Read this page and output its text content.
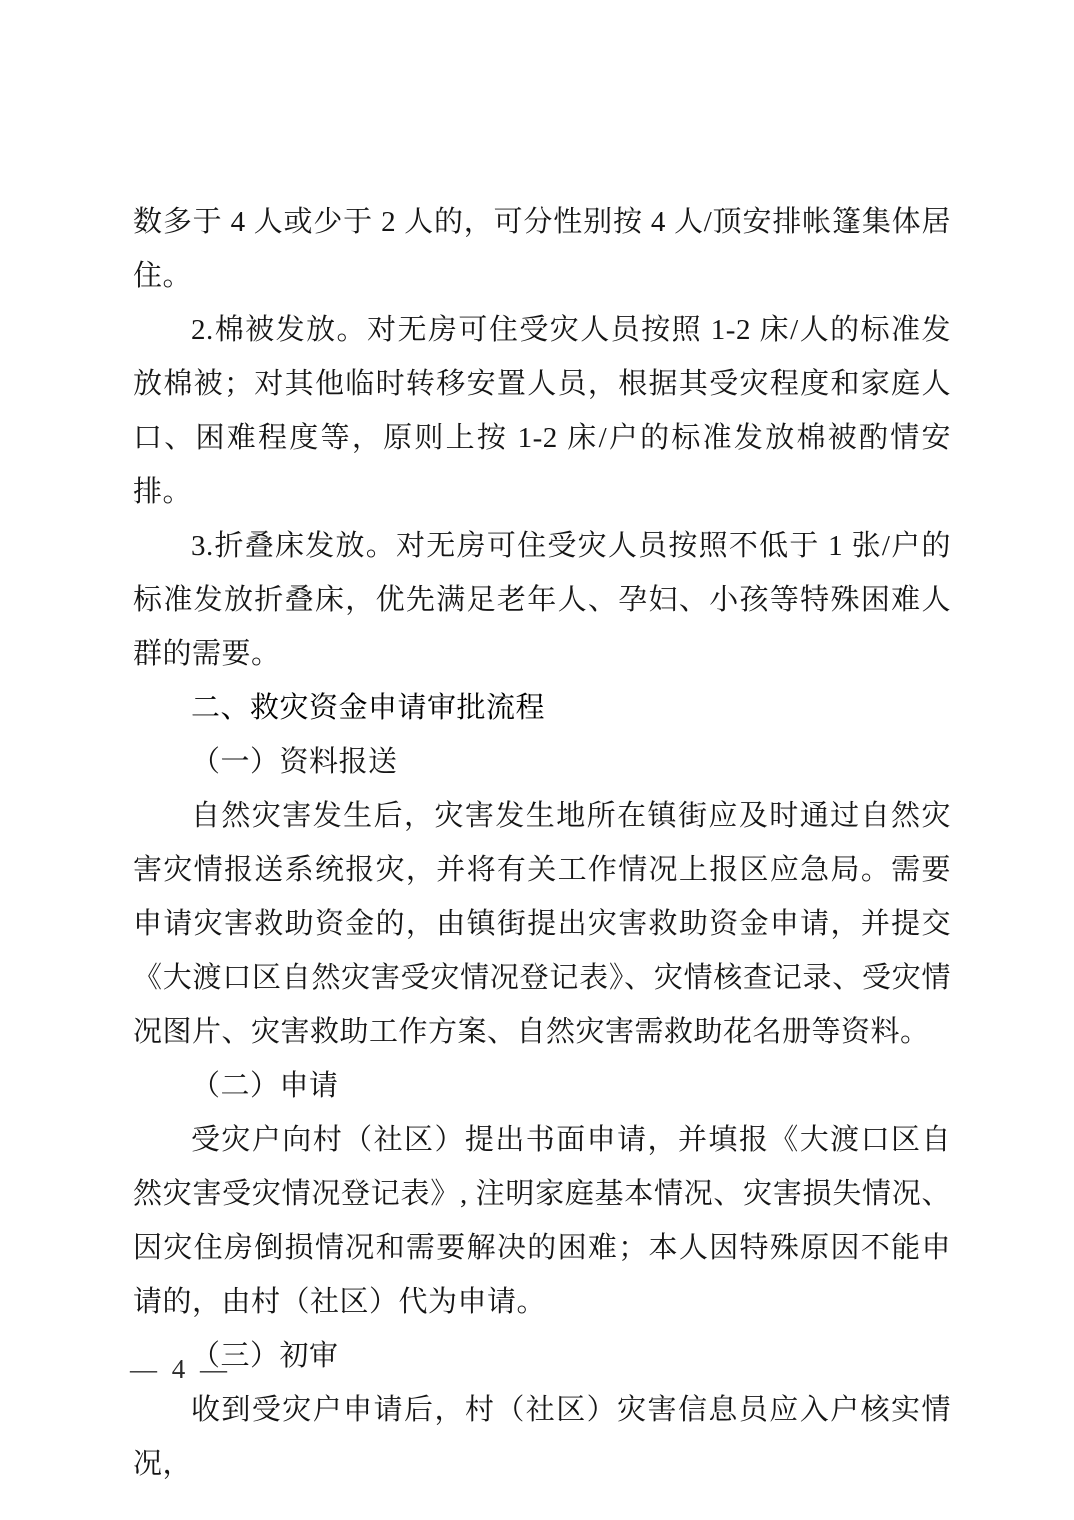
数多于 4 人或少于 2 人的，可分性别按 4 人/顶安排帐篷集体居住。

2.棉被发放。对无房可住受灾人员按照 1-2 床/人的标准发放棉被；对其他临时转移安置人员，根据其受灾程度和家庭人口、困难程度等，原则上按 1-2 床/户的标准发放棉被酌情安排。

3.折叠床发放。对无房可住受灾人员按照不低于 1 张/户的标准发放折叠床，优先满足老年人、孕妇、小孩等特殊困难人群的需要。

二、救灾资金申请审批流程
（一）资料报送

自然灾害发生后，灾害发生地所在镇街应及时通过自然灾害灾情报送系统报灾，并将有关工作情况上报区应急局。需要申请灾害救助资金的，由镇街提出灾害救助资金申请，并提交《大渡口区自然灾害受灾情况登记表》、灾情核查记录、受灾情况图片、灾害救助工作方案、自然灾害需救助花名册等资料。

（二）申请

受灾户向村（社区）提出书面申请，并填报《大渡口区自然灾害受灾情况登记表》, 注明家庭基本情况、灾害损失情况、因灾住房倒损情况和需要解决的困难；本人因特殊原因不能申请的，由村（社区）代为申请。

（三）初审

收到受灾户申请后，村（社区）灾害信息员应入户核实情况，

— 4 —
